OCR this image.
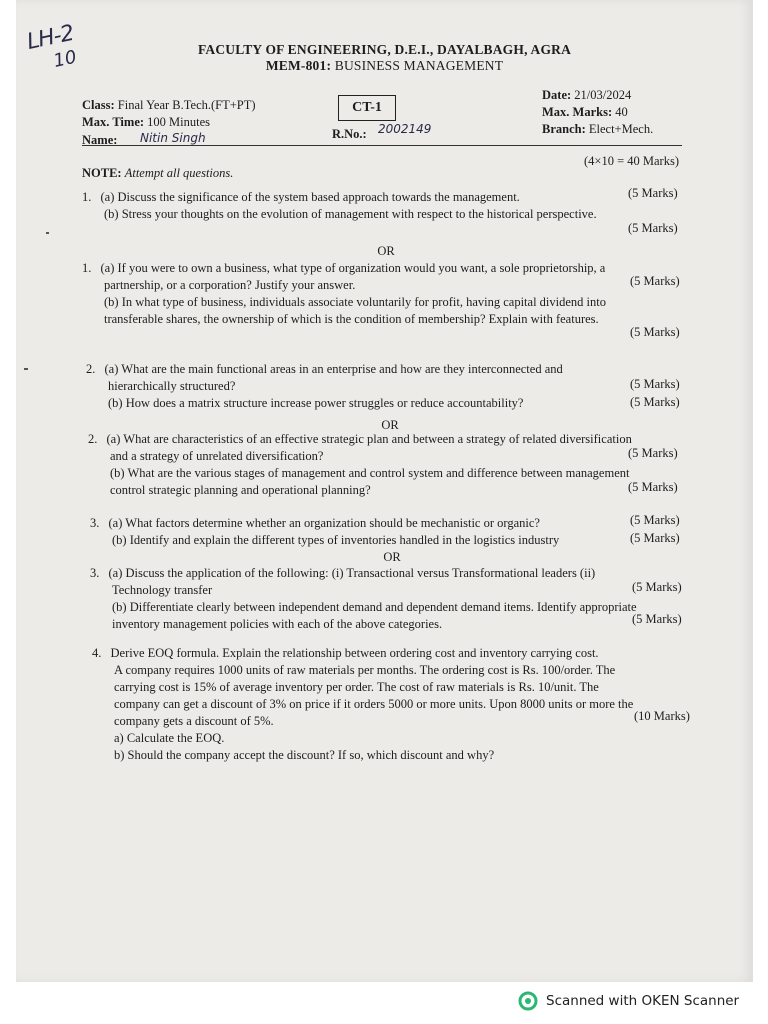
LH-2
10	FACULTY OF ENGINEERING, D.E.I., DAYALBAGH, AGRA
MEM-801: BUSINESS MANAGEMENT
Class: Final Year B.Tech.(FT+PT)
Max. Time: 100 Minutes
Name: Nitin Singh
CT-1
R.No.: 2002149
Date: 21/03/2024
Max. Marks: 40
Branch: Elect+Mech.
(4×10 = 40 Marks)
NOTE: Attempt all questions.
1. (a) Discuss the significance of the system based approach towards the management.
(b) Stress your thoughts on the evolution of management with respect to the historical perspective.
(5 Marks)
(5 Marks)
OR
1. (a) If you were to own a business, what type of organization would you want, a sole proprietorship, a
partnership, or a corporation? Justify your answer.
(b) In what type of business, individuals associate voluntarily for profit, having capital dividend into
transferable shares, the ownership of which is the condition of membership? Explain with features.
(5 Marks)
(5 Marks)
2. (a) What are the main functional areas in an enterprise and how are they interconnected and
hierarchically structured?
(b) How does a matrix structure increase power struggles or reduce accountability?
(5 Marks)
(5 Marks)
OR
2. (a) What are characteristics of an effective strategic plan and between a strategy of related diversification
and a strategy of unrelated diversification?
(b) What are the various stages of management and control system and difference between management
control strategic planning and operational planning?
(5 Marks)
(5 Marks)
3. (a) What factors determine whether an organization should be mechanistic or organic?
(b) Identify and explain the different types of inventories handled in the logistics industry
(5 Marks)
(5 Marks)
OR
3. (a) Discuss the application of the following: (i) Transactional versus Transformational leaders (ii)
Technology transfer
(b) Differentiate clearly between independent demand and dependent demand items. Identify appropriate
inventory management policies with each of the above categories.
(5 Marks)
(5 Marks)
4. Derive EOQ formula. Explain the relationship between ordering cost and inventory carrying cost.
A company requires 1000 units of raw materials per months. The ordering cost is Rs. 100/order. The
carrying cost is 15% of average inventory per order. The cost of raw materials is Rs. 10/unit. The
company can get a discount of 3% on price if it orders 5000 or more units. Upon 8000 units or more the
company gets a discount of 5%.
a) Calculate the EOQ.
b) Should the company accept the discount? If so, which discount and why?
(10 Marks)
Scanned with OKEN Scanner
